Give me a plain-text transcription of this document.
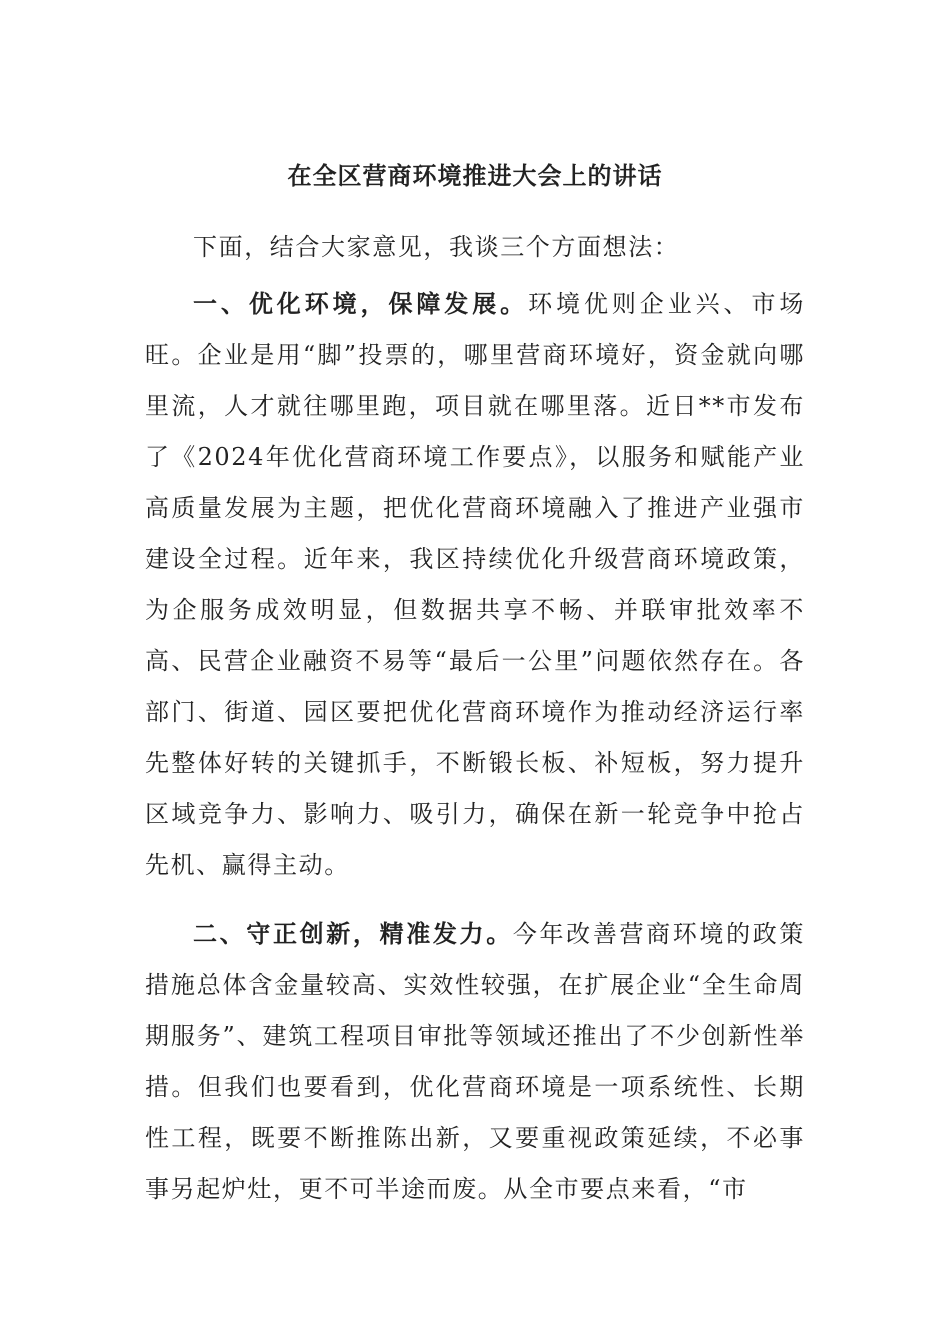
在全区营商环境推进大会上的讲话

下面，结合大家意见，我谈三个方面想法：

一、优化环境，保障发展。环境优则企业兴、市场旺。企业是用“脚”投票的，哪里营商环境好，资金就向哪里流，人才就往哪里跑，项目就在哪里落。近日**市发布了《2024年优化营商环境工作要点》，以服务和赋能产业高质量发展为主题，把优化营商环境融入了推进产业强市建设全过程。近年来，我区持续优化升级营商环境政策，为企服务成效明显，但数据共享不畅、并联审批效率不高、民营企业融资不易等“最后一公里”问题依然存在。各部门、街道、园区要把优化营商环境作为推动经济运行率先整体好转的关键抓手，不断锻长板、补短板，努力提升区域竞争力、影响力、吸引力，确保在新一轮竞争中抢占先机、赢得主动。

二、守正创新，精准发力。今年改善营商环境的政策措施总体含金量较高、实效性较强，在扩展企业“全生命周期服务”、建筑工程项目审批等领域还推出了不少创新性举措。但我们也要看到，优化营商环境是一项系统性、长期性工程，既要不断推陈出新，又要重视政策延续，不必事事另起炉灶，更不可半途而废。从全市要点来看，“市
